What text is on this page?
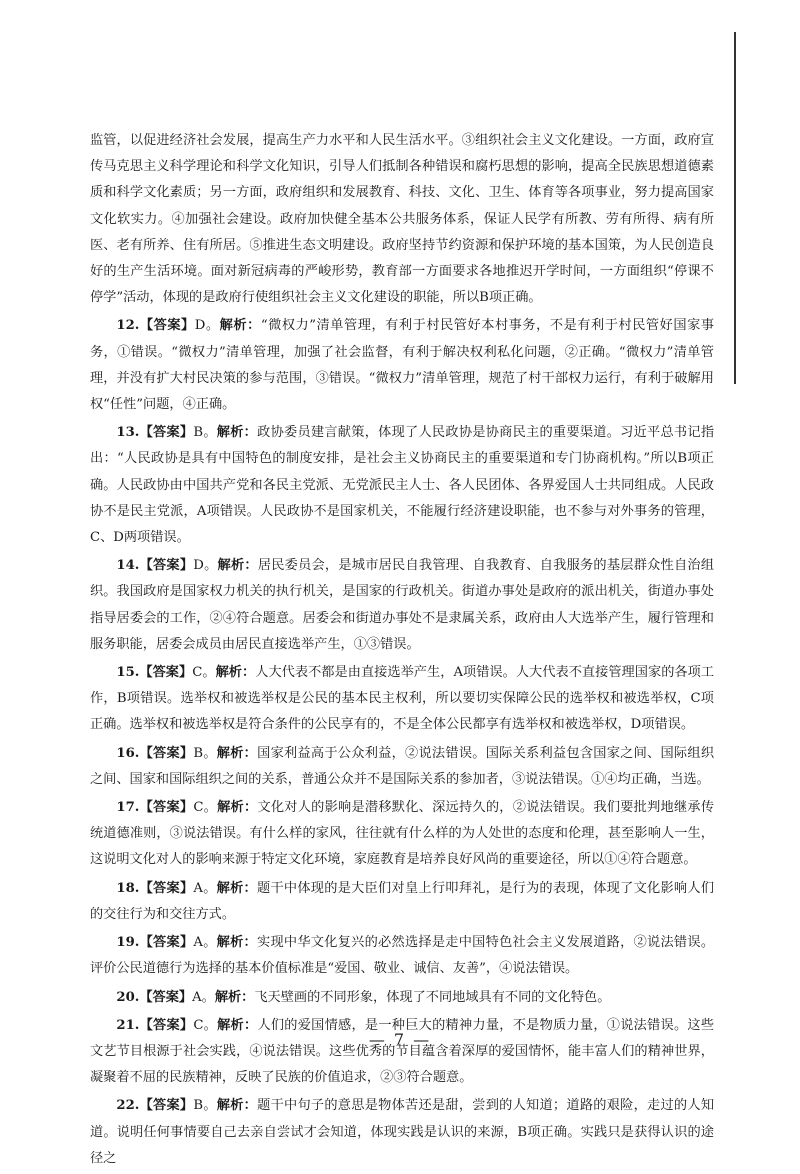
监管，以促进经济社会发展，提高生产力水平和人民生活水平。③组织社会主义文化建设。一方面，政府宣传马克思主义科学理论和科学文化知识，引导人们抵制各种错误和腐朽思想的影响，提高全民族思想道德素质和科学文化素质；另一方面，政府组织和发展教育、科技、文化、卫生、体育等各项事业，努力提高国家文化软实力。④加强社会建设。政府加快健全基本公共服务体系，保证人民学有所教、劳有所得、病有所医、老有所养、住有所居。⑤推进生态文明建设。政府坚持节约资源和保护环境的基本国策，为人民创造良好的生产生活环境。面对新冠病毒的严峻形势，教育部一方面要求各地推迟开学时间，一方面组织“停课不停学”活动，体现的是政府行使组织社会主义文化建设的职能，所以B项正确。

12.【答案】D。解析：“微权力”清单管理，有利于村民管好本村事务，不是有利于村民管好国家事务，①错误。“微权力”清单管理，加强了社会监督，有利于解决权利私化问题，②正确。“微权力”清单管理，并没有扩大村民决策的参与范围，③错误。“微权力”清单管理，规范了村干部权力运行，有利于破解用权“任性”问题，④正确。

13.【答案】B。解析：政协委员建言献策，体现了人民政协是协商民主的重要渠道。习近平总书记指出：“人民政协是具有中国特色的制度安排，是社会主义协商民主的重要渠道和专门协商机构。”所以B项正确。人民政协由中国共产党和各民主党派、无党派民主人士、各人民团体、各界爱国人士共同组成。人民政协不是民主党派，A项错误。人民政协不是国家机关，不能履行经济建设职能，也不参与对外事务的管理，C、D两项错误。

14.【答案】D。解析：居民委员会，是城市居民自我管理、自我教育、自我服务的基层群众性自治组织。我国政府是国家权力机关的执行机关，是国家的行政机关。街道办事处是政府的派出机关，街道办事处指导居委会的工作，②④符合题意。居委会和街道办事处不是隶属关系，政府由人大选举产生，履行管理和服务职能，居委会成员由居民直接选举产生，①③错误。

15.【答案】C。解析：人大代表不都是由直接选举产生，A项错误。人大代表不直接管理国家的各项工作，B项错误。选举权和被选举权是公民的基本民主权利，所以要切实保障公民的选举权和被选举权，C项正确。选举权和被选举权是符合条件的公民享有的，不是全体公民都享有选举权和被选举权，D项错误。

16.【答案】B。解析：国家利益高于公众利益，②说法错误。国际关系利益包含国家之间、国际组织之间、国家和国际组织之间的关系，普通公众并不是国际关系的参加者，③说法错误。①④均正确，当选。

17.【答案】C。解析：文化对人的影响是潜移默化、深远持久的，②说法错误。我们要批判地继承传统道德准则，③说法错误。有什么样的家风，往往就有什么样的为人处世的态度和伦理，甚至影响人一生，这说明文化对人的影响来源于特定文化环境，家庭教育是培养良好风尚的重要途径，所以①④符合题意。

18.【答案】A。解析：题干中体现的是大臣们对皇上行叩拜礼，是行为的表现，体现了文化影响人们的交往行为和交往方式。

19.【答案】A。解析：实现中华文化复兴的必然选择是走中国特色社会主义发展道路，②说法错误。评价公民道德行为选择的基本价值标准是“爱国、敬业、诚信、友善”，④说法错误。

20.【答案】A。解析：飞天壁画的不同形象，体现了不同地域具有不同的文化特色。

21.【答案】C。解析：人们的爱国情感，是一种巨大的精神力量，不是物质力量，①说法错误。这些文艺节目根源于社会实践，④说法错误。这些优秀的节目蕴含着深厚的爱国情怀，能丰富人们的精神世界，凝聚着不屈的民族精神，反映了民族的价值追求，②③符合题意。

22.【答案】B。解析：题干中句子的意思是物体苦还是甜，尝到的人知道；道路的艰险，走过的人知道。说明任何事情要自己去亲自尝试才会知道，体现实践是认识的来源，B项正确。实践只是获得认识的途径之

— 7 —
